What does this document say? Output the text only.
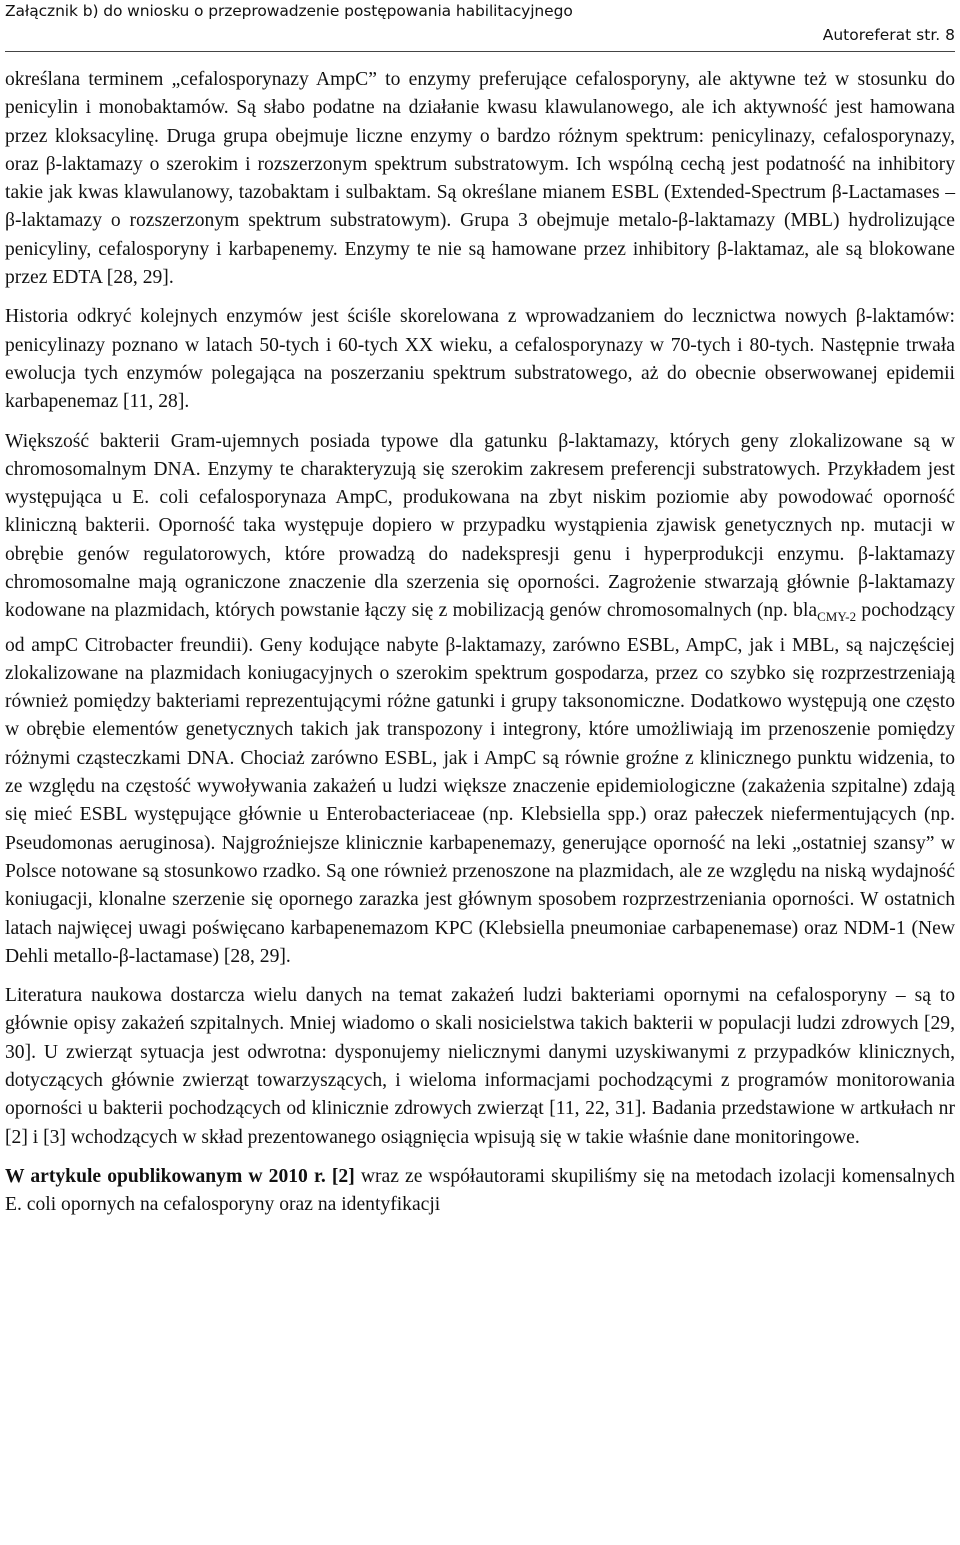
Załącznik b) do wniosku o przeprowadzenie postępowania habilitacyjnego
Autoreferat str. 8

określana terminem „cefalosporynazy AmpC” to enzymy preferujące cefalosporyny, ale aktywne też w stosunku do penicylin i monobaktamów. Są słabo podatne na działanie kwasu klawulanowego, ale ich aktywność jest hamowana przez kloksacylinę. Druga grupa obejmuje liczne enzymy o bardzo różnym spektrum: penicylinazy, cefalosporynazy, oraz β-laktamazy o szerokim i rozszerzonym spektrum substratowym. Ich wspólną cechą jest podatność na inhibitory takie jak kwas klawulanowy, tazobaktam i sulbaktam. Są określane mianem ESBL (Extended-Spectrum β-Lactamases – β-laktamazy o rozszerzonym spektrum substratowym). Grupa 3 obejmuje metalo-β-laktamazy (MBL) hydrolizujące penicyliny, cefalosporyny i karbapenemy. Enzymy te nie są hamowane przez inhibitory β-laktamaz, ale są blokowane przez EDTA [28, 29].

Historia odkryć kolejnych enzymów jest ściśle skorelowana z wprowadzaniem do lecznictwa nowych β-laktamów: penicylinazy poznano w latach 50-tych i 60-tych XX wieku, a cefalosporynazy w 70-tych i 80-tych. Następnie trwała ewolucja tych enzymów polegająca na poszerzaniu spektrum substratowego, aż do obecnie obserwowanej epidemii karbapenemaz [11, 28].

Większość bakterii Gram-ujemnych posiada typowe dla gatunku β-laktamazy, których geny zlokalizowane są w chromosomalnym DNA. Enzymy te charakteryzują się szerokim zakresem preferencji substratowych. Przykładem jest występująca u E. coli cefalosporynaza AmpC, produkowana na zbyt niskim poziomie aby powodować oporność kliniczną bakterii. Oporność taka występuje dopiero w przypadku wystąpienia zjawisk genetycznych np. mutacji w obrębie genów regulatorowych, które prowadzą do nadekspresji genu i hyperprodukcji enzymu. β-laktamazy chromosomalne mają ograniczone znaczenie dla szerzenia się oporności. Zagrożenie stwarzają głównie β-laktamazy kodowane na plazmidach, których powstanie łączy się z mobilizacją genów chromosomalnych (np. bla$_{CMY-2}$ pochodzący od ampC Citrobacter freundii). Geny kodujące nabyte β-laktamazy, zarówno ESBL, AmpC, jak i MBL, są najczęściej zlokalizowane na plazmidach koniugacyjnych o szerokim spektrum gospodarza, przez co szybko się rozprzestrzeniają również pomiędzy bakteriami reprezentującymi różne gatunki i grupy taksonomiczne. Dodatkowo występują one często w obrębie elementów genetycznych takich jak transpozony i integrony, które umożliwiają im przenoszenie pomiędzy różnymi cząsteczkami DNA. Chociaż zarówno ESBL, jak i AmpC są równie groźne z klinicznego punktu widzenia, to ze względu na częstość wywoływania zakażeń u ludzi większe znaczenie epidemiologiczne (zakażenia szpitalne) zdają się mieć ESBL występujące głównie u Enterobacteriaceae (np. Klebsiella spp.) oraz pałeczek niefermentujących (np. Pseudomonas aeruginosa). Najgroźniejsze klinicznie karbapenemazy, generujące oporność na leki „ostatniej szansy” w Polsce notowane są stosunkowo rzadko. Są one również przenoszone na plazmidach, ale ze względu na niską wydajność koniugacji, klonalne szerzenie się opornego zarazka jest głównym sposobem rozprzestrzeniania oporności. W ostatnich latach najwięcej uwagi poświęcano karbapenemazom KPC (Klebsiella pneumoniae carbapenemase) oraz NDM-1 (New Dehli metallo-β-lactamase) [28, 29].

Literatura naukowa dostarcza wielu danych na temat zakażeń ludzi bakteriami opornymi na cefalosporyny – są to głównie opisy zakażeń szpitalnych. Mniej wiadomo o skali nosicielstwa takich bakterii w populacji ludzi zdrowych [29, 30]. U zwierząt sytuacja jest odwrotna: dysponujemy nielicznymi danymi uzyskiwanymi z przypadków klinicznych, dotyczących głównie zwierząt towarzyszących, i wieloma informacjami pochodzącymi z programów monitorowania oporności u bakterii pochodzących od klinicznie zdrowych zwierząt [11, 22, 31]. Badania przedstawione w artkułach nr [2] i [3] wchodzących w skład prezentowanego osiągnięcia wpisują się w takie właśnie dane monitoringowe.

W artykule opublikowanym w 2010 r. [2] wraz ze współautorami skupiliśmy się na metodach izolacji komensalnych E. coli opornych na cefalosporyny oraz na identyfikacji
